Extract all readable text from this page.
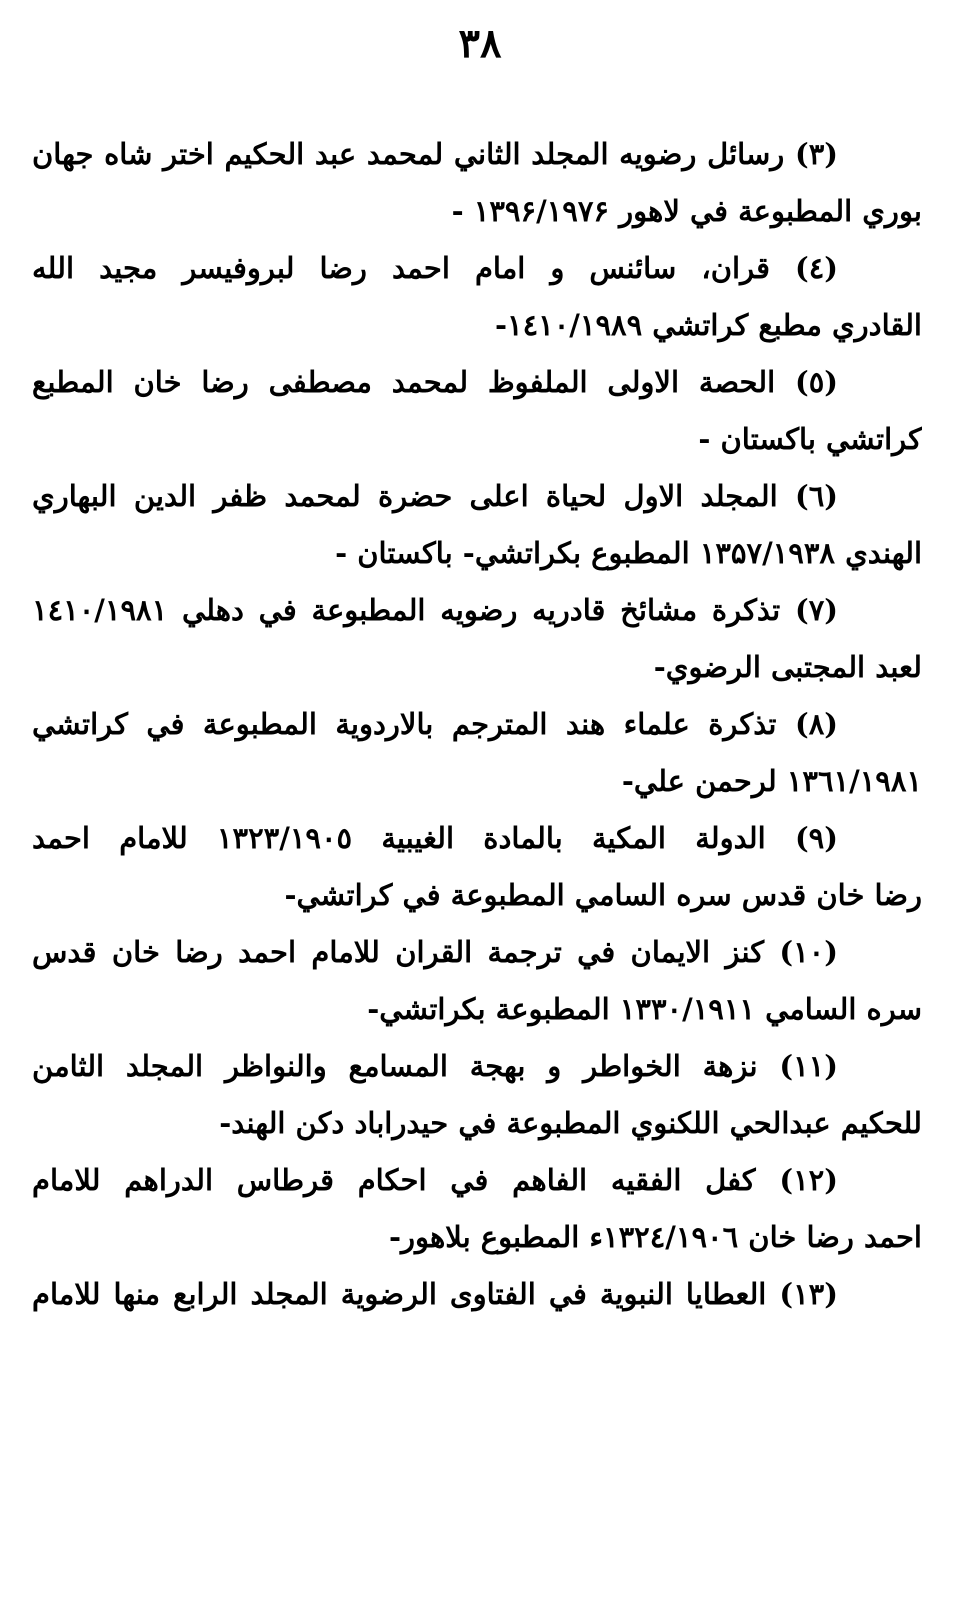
۳۸
(۳) رسائل رضويه المجلد الثاني لمحمد عبد الحكيم اختر شاه جهان
بوري المطبوعة في لاهور ۱۳۹۶/۱۹۷۶ -
(٤) قران، سائنس و امام احمد رضا لبروفيسر مجيد الله
القادري مطبع كراتشي ۱٤۱۰/۱۹۸۹-
(٥) الحصة الاولى الملفوظ لمحمد مصطفى رضا خان المطبع
كراتشي باكستان -
(٦) المجلد الاول لحياة اعلى حضرة لمحمد ظفر الدين البهاري
الهندي ۱۳۵۷/۱۹۳۸ المطبوع بكراتشي- باكستان -
(۷) تذكرة مشائخ قادريه رضويه المطبوعة في دهلي ۱٤۱۰/۱۹۸۱
لعبد المجتبى الرضوي-
(۸) تذكرة علماء هند المترجم بالاردوية المطبوعة في كراتشي
۱۳٦۱/۱۹۸۱ لرحمن علي-
(۹) الدولة المكية بالمادة الغيبية ۱۳۲۳/۱۹۰٥ للامام احمد
رضا خان قدس سره السامي المطبوعة في كراتشي-
(۱۰) كنز الايمان في ترجمة القران للامام احمد رضا خان قدس
سره السامي ۱۳۳۰/۱۹۱۱ المطبوعة بكراتشي-
(۱۱) نزهة الخواطر و بهجة المسامع والنواظر المجلد الثامن
للحكيم عبدالحي اللكنوي المطبوعة في حيدراباد دكن الهند-
(۱۲) كفل الفقيه الفاهم في احكام قرطاس الدراهم للامام
احمد رضا خان ۱۳۲٤/۱۹۰٦ء المطبوع بلاهور-
(۱۳) العطايا النبوية في الفتاوى الرضوية المجلد الرابع منها للامام
